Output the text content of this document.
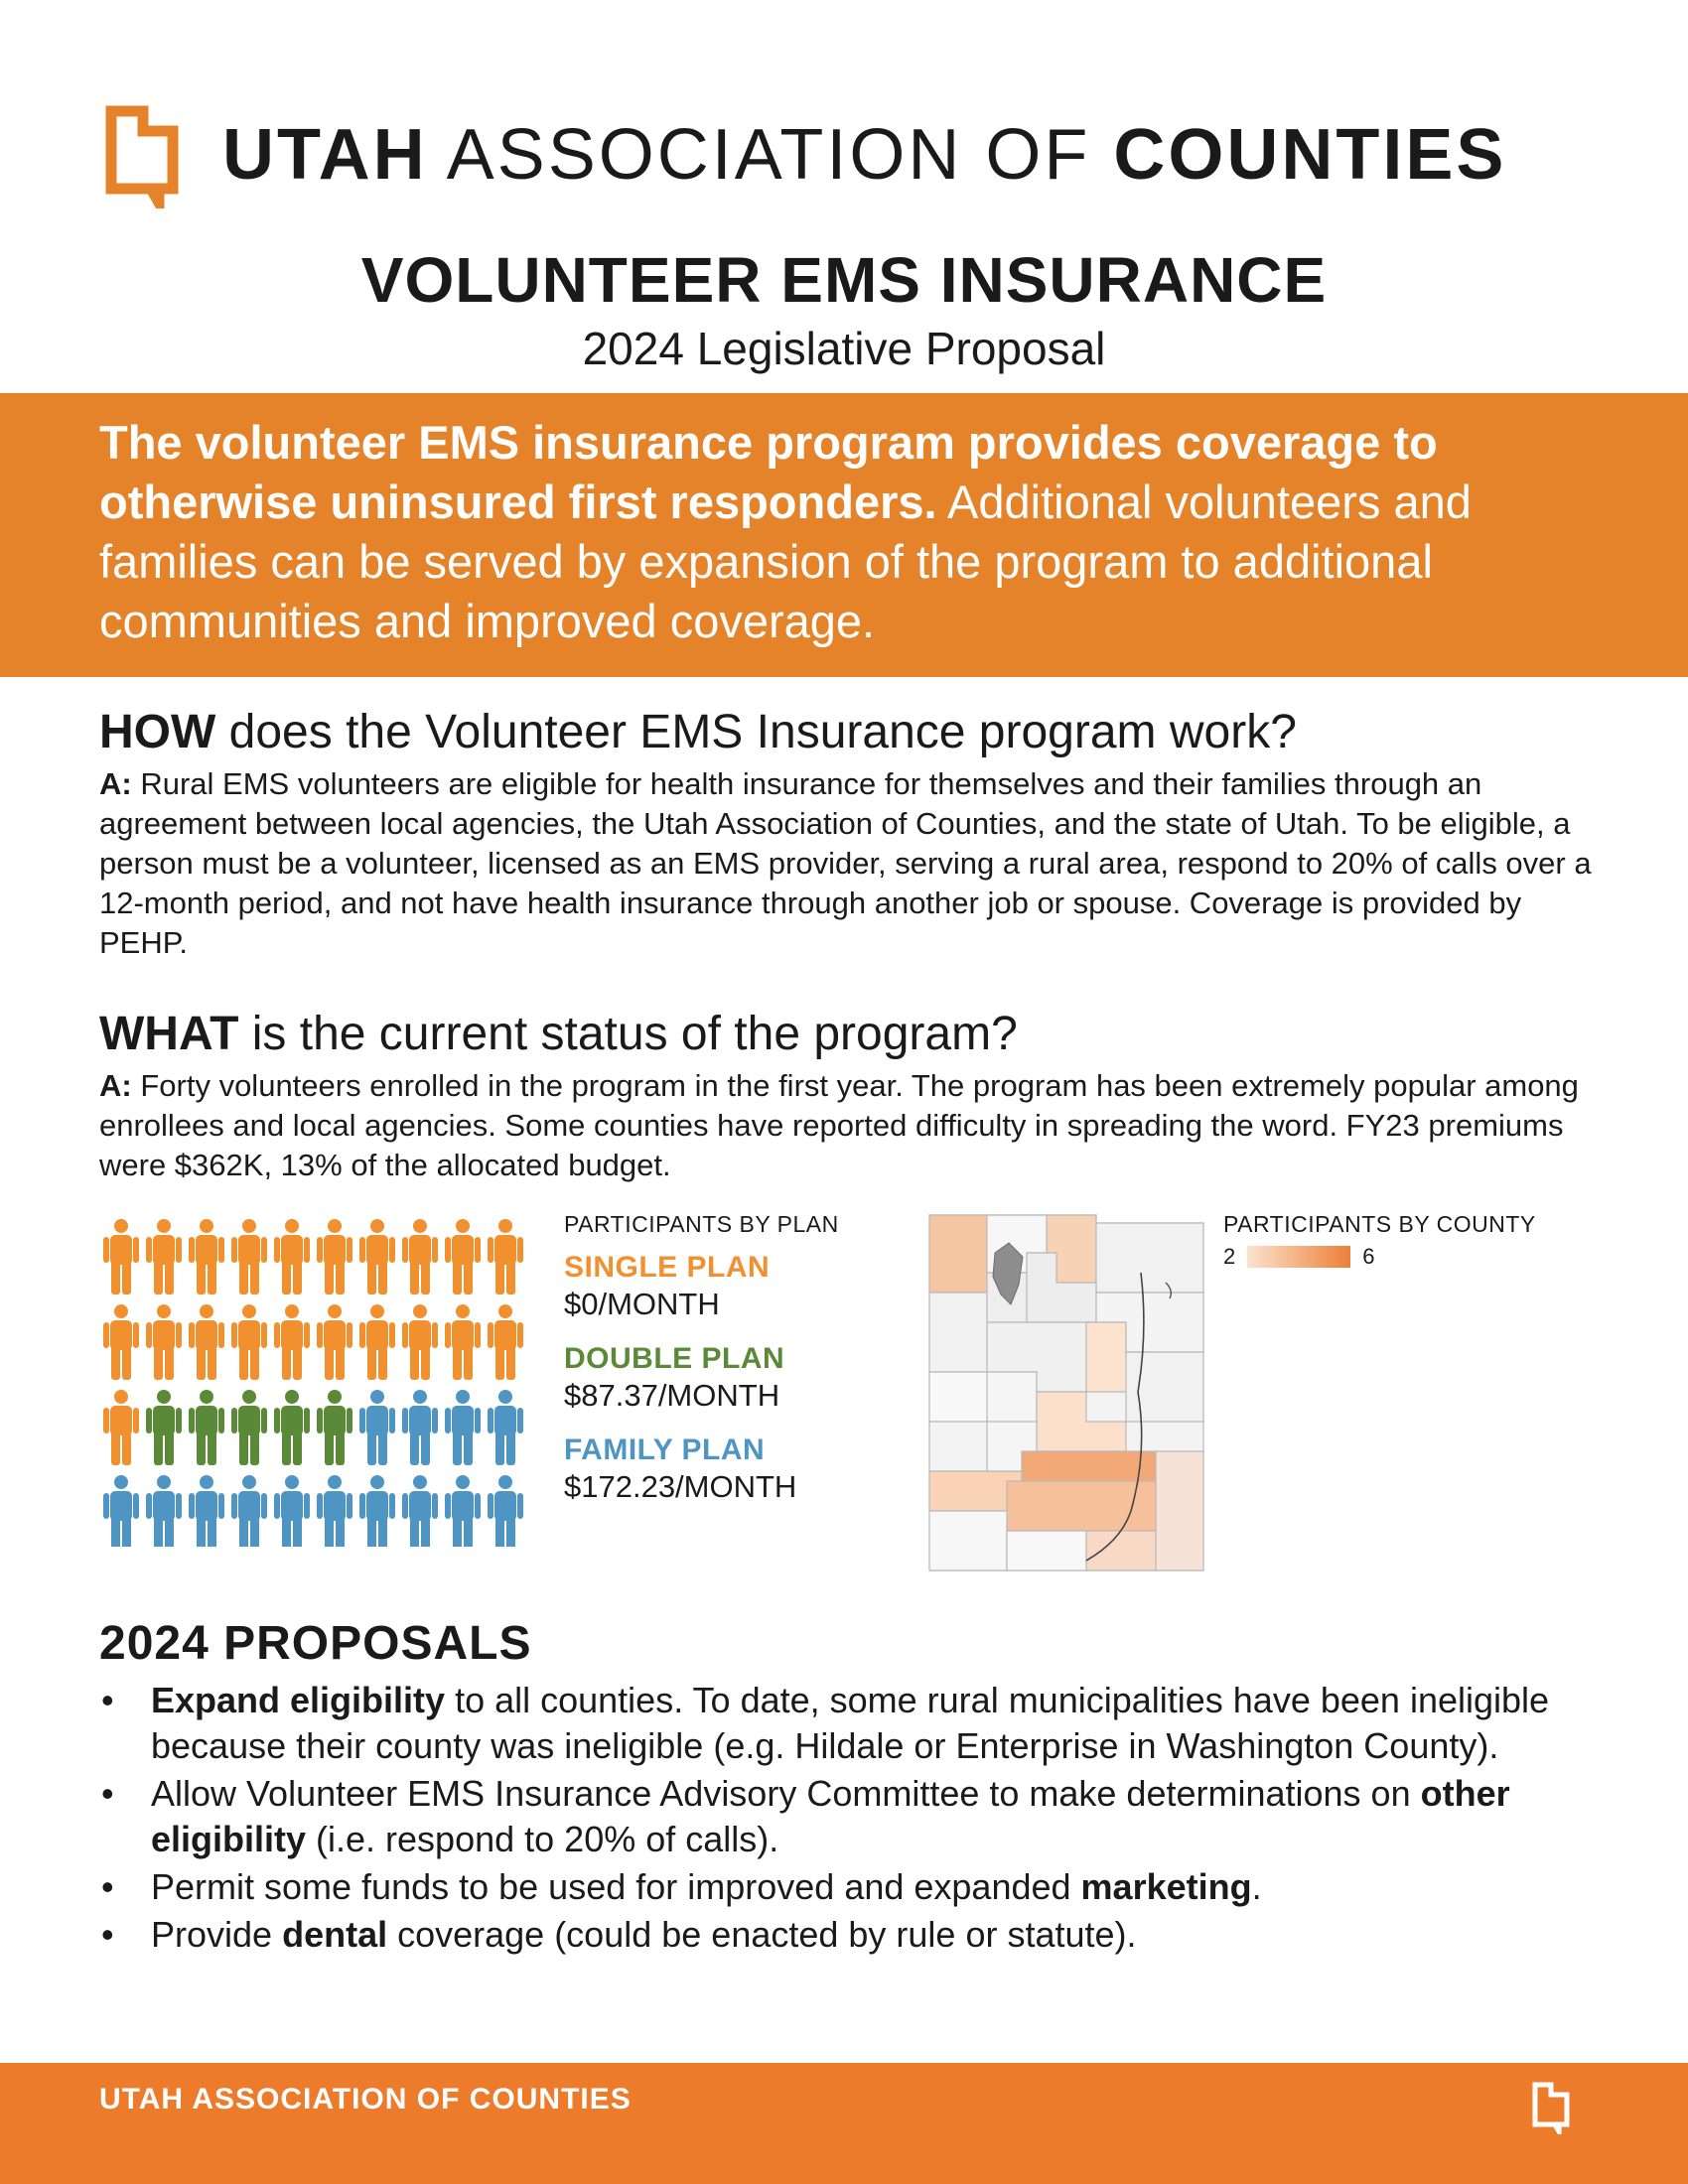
UTAH ASSOCIATION OF COUNTIES
VOLUNTEER EMS INSURANCE
2024 Legislative Proposal
The volunteer EMS insurance program provides coverage to otherwise uninsured first responders. Additional volunteers and families can be served by expansion of the program to additional communities and improved coverage.
HOW does the Volunteer EMS Insurance program work?
A: Rural EMS volunteers are eligible for health insurance for themselves and their families through an agreement between local agencies, the Utah Association of Counties, and the state of Utah. To be eligible, a person must be a volunteer, licensed as an EMS provider, serving a rural area, respond to 20% of calls over a 12-month period, and not have health insurance through another job or spouse. Coverage is provided by PEHP.
WHAT is the current status of the program?
A: Forty volunteers enrolled in the program in the first year. The program has been extremely popular among enrollees and local agencies. Some counties have reported difficulty in spreading the word. FY23 premiums were $362K, 13% of the allocated budget.
PARTICIPANTS BY PLAN
SINGLE PLAN
$0/MONTH
DOUBLE PLAN
$87.37/MONTH
FAMILY PLAN
$172.23/MONTH
PARTICIPANTS BY COUNTY
2	6
2024 PROPOSALS
• Expand eligibility to all counties. To date, some rural municipalities have been ineligible because their county was ineligible (e.g. Hildale or Enterprise in Washington County).
• Allow Volunteer EMS Insurance Advisory Committee to make determinations on other eligibility (i.e. respond to 20% of calls).
• Permit some funds to be used for improved and expanded marketing.
• Provide dental coverage (could be enacted by rule or statute).
UTAH ASSOCIATION OF COUNTIES
